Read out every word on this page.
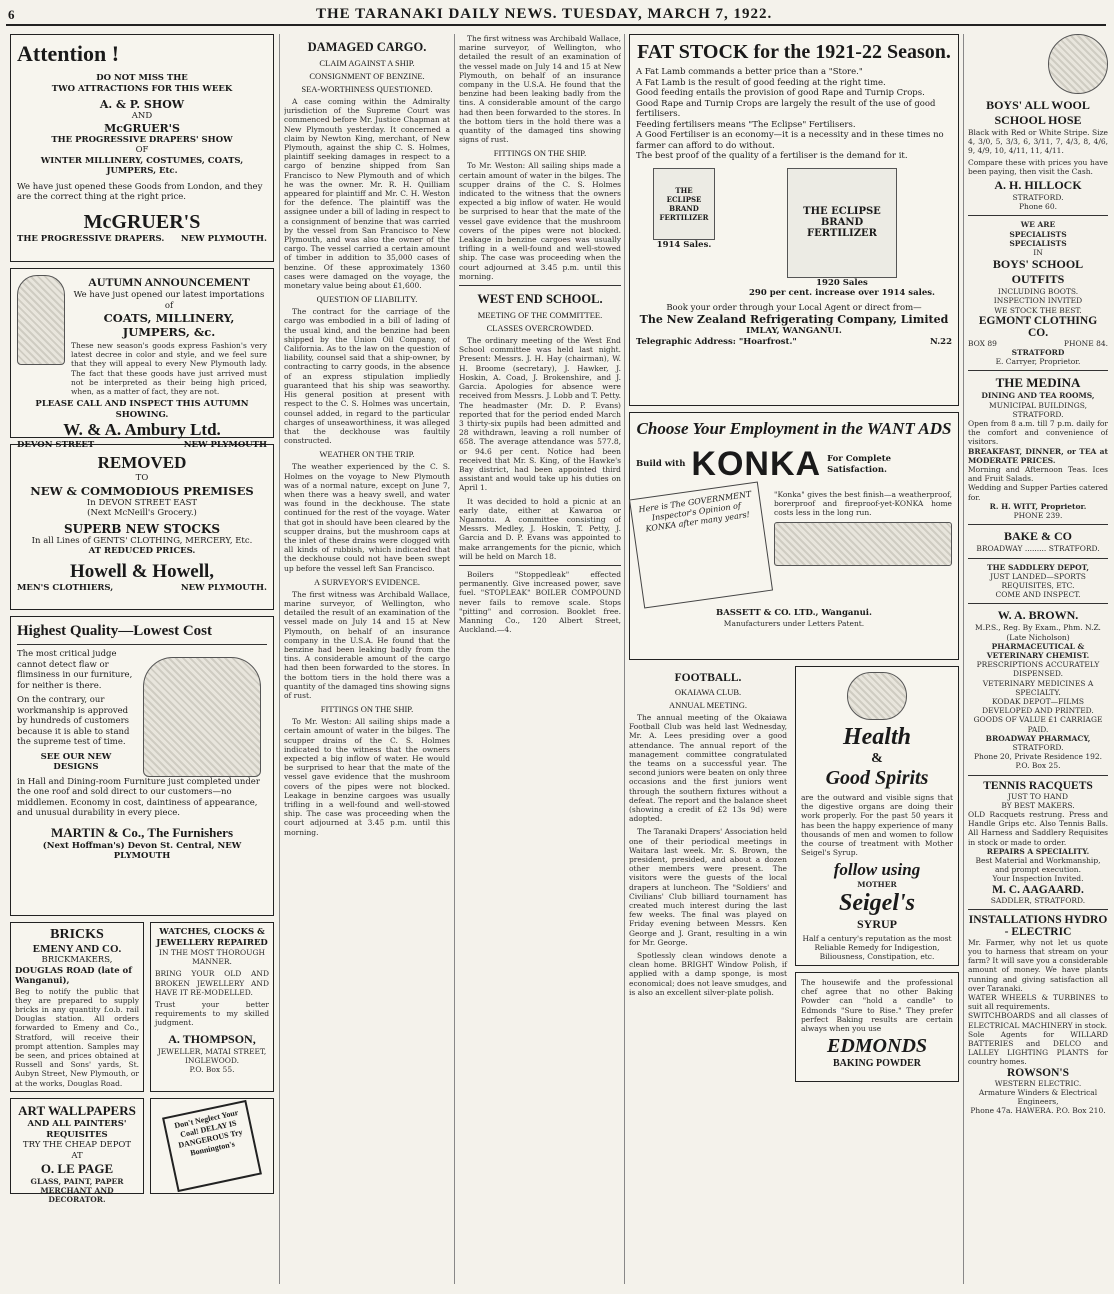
6	THE TARANAKI DAILY NEWS. TUESDAY, MARCH 7, 1922.
Attention !
DO NOT MISS THE
TWO ATTRACTIONS FOR THIS WEEK
A. & P. SHOW
AND
McGRUER'S
THE PROGRESSIVE DRAPERS' SHOW
OF
WINTER MILLINERY, COSTUMES, COATS, JUMPERS, Etc.
We have just opened these Goods from London, and they are the correct thing at the right price.
McGRUER'S
THE PROGRESSIVE DRAPERS. NEW PLYMOUTH.
AUTUMN ANNOUNCEMENT
We have just opened our latest importations of
COATS, MILLINERY, JUMPERS, &c.
These new season's goods express Fashion's very latest decree in color and style, and we feel sure that they will appeal to every New Plymouth lady. The fact that these goods have just arrived must not be interpreted as their being high priced, when, as a matter of fact, they are not.
PLEASE CALL AND INSPECT THIS AUTUMN SHOWING.
W. & A. Ambury Ltd.
DEVON STREET	NEW PLYMOUTH
REMOVED
TO
NEW & COMMODIOUS PREMISES
In DEVON STREET EAST
(Next McNeill's Grocery.)
SUPERB NEW STOCKS
In all Lines of GENTS' CLOTHING, MERCERY, Etc.
AT REDUCED PRICES.
Howell & Howell,
MEN'S CLOTHIERS,	NEW PLYMOUTH.
Highest Quality—Lowest Cost
The most critical judge cannot detect flaw or flimsiness in our furniture, for neither is there.
On the contrary, our workmanship is approved by hundreds of customers because it is able to stand the supreme test of time.
SEE OUR NEW DESIGNS
in Hall and Dining-room Furniture just completed under the one roof and sold direct to our customers—no middlemen. Economy in cost, daintiness of appearance, and unusual durability in every piece.
MARTIN & Co., The Furnishers
(Next Hoffman's) Devon St. Central, NEW PLYMOUTH
BRICKS
EMENY AND CO.
BRICKMAKERS,
DOUGLAS ROAD (late of Wanganui),
Beg to notify the public that they are prepared to supply bricks in any quantity f.o.b. rail Douglas station. All orders forwarded to Emeny and Co., Stratford, will receive their prompt attention. Samples may be seen, and prices obtained at Russell and Sons' yards, St. Aubyn Street, New Plymouth, or at the works, Douglas Road.
ART WALLPAPERS
AND ALL PAINTERS' REQUISITES
TRY THE CHEAP DEPOT
AT
O. LE PAGE
GLASS, PAINT, PAPER MERCHANT AND DECORATOR.
WATCHES, CLOCKS & JEWELLERY REPAIRED
IN THE MOST THOROUGH MANNER.
BRING YOUR OLD AND BROKEN JEWELLERY AND HAVE IT RE-MODELLED.
Trust your better requirements to my skilled judgment.
A. THOMPSON,
JEWELLER, MATAI STREET,
INGLEWOOD.
P.O. Box 55.
Don't Neglect Your Coal! DELAY IS DANGEROUS Try Bonnington's
DAMAGED CARGO.
CLAIM AGAINST A SHIP.
CONSIGNMENT OF BENZINE.
SEA-WORTHINESS QUESTIONED.
A case coming within the Admiralty jurisdiction of the Supreme Court was commenced before Mr. Justice Chapman at New Plymouth yesterday. It concerned a claim by Newton King, merchant, of New Plymouth, against the ship C. S. Holmes, plaintiff seeking damages in respect to a cargo of benzine shipped from San Francisco to New Plymouth and of which he was the owner. Mr. R. H. Quilliam appeared for plaintiff and Mr. C. H. Weston for the defence. The plaintiff was the assignee under a bill of lading in respect to a consignment of benzine that was carried by the vessel from San Francisco to New Plymouth, and was also the owner of the cargo. The vessel carried a certain amount of timber in addition to 35,000 cases of benzine. Of these approximately 1360 cases were damaged on the voyage, the monetary value being about £1,600.
QUESTION OF LIABILITY.
The contract for the carriage of the cargo was embodied in a bill of lading of the usual kind, and the benzine had been shipped by the Union Oil Company, of California. As to the law on the question of liability, counsel said that a ship-owner, by contracting to carry goods, in the absence of an express stipulation impliedly guaranteed that his ship was seaworthy. His general position at present with respect to the C. S. Holmes was uncertain, counsel added, in regard to the particular charges of unseaworthiness, it was alleged that the deckhouse was faultily constructed.
WEATHER ON THE TRIP.
The weather experienced by the C. S. Holmes on the voyage to New Plymouth was of a normal nature, except on June 7, when there was a heavy swell, and water was found in the deckhouse. The state continued for the rest of the voyage. Water that got in should have been cleared by the scupper drains, but the mushroom caps at the inlet of these drains were clogged with all kinds of rubbish, which indicated that the deckhouse could not have been swept up before the vessel left San Francisco.
A SURVEYOR'S EVIDENCE.
The first witness was Archibald Wallace, marine surveyor, of Wellington, who detailed the result of an examination of the vessel made on July 14 and 15 at New Plymouth, on behalf of an insurance company in the U.S.A. He found that the benzine had been leaking badly from the tins. A considerable amount of the cargo had then been forwarded to the stores. In the bottom tiers in the hold there was a quantity of the damaged tins showing signs of rust.
FITTINGS ON THE SHIP.
To Mr. Weston: All sailing ships made a certain amount of water in the bilges. The scupper drains of the C. S. Holmes indicated to the witness that the owners expected a big inflow of water. He would be surprised to hear that the mate of the vessel gave evidence that the mushroom covers of the pipes were not blocked. Leakage in benzine cargoes was usually trifling in a well-found and well-stowed ship. The case was proceeding when the court adjourned at 3.45 p.m. until this morning.
The first witness was Archibald Wallace, marine surveyor, of Wellington, who detailed the result of an examination of the vessel made on July 14 and 15 at New Plymouth, on behalf of an insurance company in the U.S.A. He found that the benzine had been leaking badly from the tins. A considerable amount of the cargo had then been forwarded to the stores. In the bottom tiers in the hold there was a quantity of the damaged tins showing signs of rust.
FITTINGS ON THE SHIP.
To Mr. Weston: All sailing ships made a certain amount of water in the bilges. The scupper drains of the C. S. Holmes indicated to the witness that the owners expected a big inflow of water. He would be surprised to hear that the mate of the vessel gave evidence that the mushroom covers of the pipes were not blocked. Leakage in benzine cargoes was usually trifling in a well-found and well-stowed ship. The case was proceeding when the court adjourned at 3.45 p.m. until this morning.
WEST END SCHOOL.
MEETING OF THE COMMITTEE.
CLASSES OVERCROWDED.
The ordinary meeting of the West End School committee was held last night. Present: Messrs. J. H. Hay (chairman), W. H. Broome (secretary), J. Hawker, J. Hoskin, A. Coad, J. Brokenshire, and J. Garcia. Apologies for absence were received from Messrs. J. Lobb and T. Petty. The headmaster (Mr. D. P. Evans) reported that for the period ended March 3 thirty-six pupils had been admitted and 28 withdrawn, leaving a roll number of 658. The average attendance was 577.8, or 94.6 per cent. Notice had been received that Mr. S. King, of the Hawke's Bay district, had been appointed third assistant and would take up his duties on April 1.
It was decided to hold a picnic at an early date, either at Kawaroa or Ngamotu. A committee consisting of Messrs. Medley, J. Hoskin, T. Petty, J. Garcia and D. P. Evans was appointed to make arrangements for the picnic, which will be held on March 18.
Boilers "Stoppedleak" effected permanently. Give increased power, save fuel. "STOPLEAK" BOILER COMPOUND never fails to remove scale. Stops "pitting" and corrosion. Booklet free. Manning Co., 120 Albert Street, Auckland.—4.
FAT STOCK for the 1921-22 Season.
A Fat Lamb commands a better price than a "Store."
A Fat Lamb is the result of good feeding at the right time.
Good feeding entails the provision of good Rape and Turnip Crops.
Good Rape and Turnip Crops are largely the result of the use of good fertilisers.
Feeding fertilisers means "The Eclipse" Fertilisers.
A Good Fertiliser is an economy—it is a necessity and in these times no farmer can afford to do without.
The best proof of the quality of a fertiliser is the demand for it.
THE ECLIPSE BRAND FERTILIZER
1914 Sales.
THE ECLIPSE BRAND FERTILIZER
1920 Sales
290 per cent. increase over 1914 sales.
Book your order through your Local Agent or direct from—
The New Zealand Refrigerating Company, Limited
IMLAY, WANGANUI.
Telegraphic Address: "Hoarfrost."	N.22
Choose Your Employment in the WANT ADS
Build with KONKA For Complete Satisfaction.
Here is The GOVERNMENT Inspector's Opinion of KONKA after many years!
"Konka" gives the best finish—a weatherproof, borerproof and fireproof-yet-KONKA home costs less in the long run.
BASSETT & CO. LTD., Wanganui.
Manufacturers under Letters Patent.
FOOTBALL.
OKAIAWA CLUB.
ANNUAL MEETING.
The annual meeting of the Okaiawa Football Club was held last Wednesday, Mr. A. Lees presiding over a good attendance. The annual report of the management committee congratulated the teams on a successful year. The second juniors were beaten on only three occasions and the first juniors went through the southern fixtures without a defeat. The report and the balance sheet (showing a credit of £2 13s 9d) were adopted.
The Taranaki Drapers' Association held one of their periodical meetings in Waitara last week. Mr. S. Brown, the president, presided, and about a dozen other members were present. The visitors were the guests of the local drapers at luncheon. The "Soldiers' and Civilians' Club billiard tournament has created much interest during the last few weeks. The final was played on Friday evening between Messrs. Ken George and J. Grant, resulting in a win for Mr. George.
Spotlessly clean windows denote a clean home. BRIGHT Window Polish, if applied with a damp sponge, is most economical; does not leave smudges, and is also an excellent silver-plate polish.
Health
&
Good Spirits
are the outward and visible signs that the digestive organs are doing their work properly. For the past 50 years it has been the happy experience of many thousands of men and women to follow the course of treatment with Mother Seigel's Syrup.
follow using
MOTHER
Seigel's
SYRUP
Half a century's reputation as the most Reliable Remedy for Indigestion, Biliousness, Constipation, etc.
The housewife and the professional chef agree that no other Baking Powder can "hold a candle" to Edmonds "Sure to Rise." They prefer perfect Baking results are certain always when you use
EDMONDS
BAKING POWDER
BOYS' ALL WOOL
SCHOOL HOSE
Black with Red or White Stripe. Size 4, 3/0, 5, 3/3, 6, 3/11, 7, 4/3, 8, 4/6, 9, 4/9, 10, 4/11, 11, 4/11.
Compare these with prices you have been paying, then visit the Cash.
A. H. HILLOCK
STRATFORD.
Phone 60.
WE ARE
SPECIALISTS
SPECIALISTS
IN
BOYS' SCHOOL OUTFITS
INCLUDING BOOTS.
INSPECTION INVITED
WE STOCK THE BEST.
EGMONT CLOTHING CO.
BOX 89	PHONE 84.
STRATFORD
E. Carryer, Proprietor.
THE MEDINA
DINING AND TEA ROOMS,
MUNICIPAL BUILDINGS,
STRATFORD.
Open from 8 a.m. till 7 p.m. daily for the comfort and convenience of visitors.
BREAKFAST, DINNER, or TEA at MODERATE PRICES.
Morning and Afternoon Teas. Ices and Fruit Salads.
Wedding and Supper Parties catered for.
R. H. WITT, Proprietor.
PHONE 239.
BAKE & CO
BROADWAY ......... STRATFORD.
THE SADDLERY DEPOT,
JUST LANDED—SPORTS REQUISITES, ETC.
COME AND INSPECT.
W. A. BROWN.
M.P.S., Reg. By Exam., Phm. N.Z. (Late Nicholson)
PHARMACEUTICAL & VETERINARY CHEMIST.
PRESCRIPTIONS ACCURATELY DISPENSED.
VETERINARY MEDICINES A SPECIALTY.
KODAK DEPOT—FILMS DEVELOPED AND PRINTED.
GOODS OF VALUE £1 CARRIAGE PAID.
BROADWAY PHARMACY,
STRATFORD.
Phone 20, Private Residence 192. P.O. Box 25.
TENNIS RACQUETS
JUST TO HAND
BY BEST MAKERS.
OLD Racquets restrung. Press and Handle Grips etc. Also Tennis Balls. All Harness and Saddlery Requisites in stock or made to order.
REPAIRS A SPECIALITY.
Best Material and Workmanship, and prompt execution.
Your Inspection Invited.
M. C. AAGAARD.
SADDLER, STRATFORD.
INSTALLATIONS HYDRO - ELECTRIC
Mr. Farmer, why not let us quote you to harness that stream on your farm? It will save you a considerable amount of money. We have plants running and giving satisfaction all over Taranaki.
WATER WHEELS & TURBINES to suit all requirements.
SWITCHBOARDS and all classes of ELECTRICAL MACHINERY in stock.
Sole Agents for WILLARD BATTERIES and DELCO and LALLEY LIGHTING PLANTS for country homes.
ROWSON'S
WESTERN ELECTRIC.
Armature Winders & Electrical Engineers,
Phone 47a. HAWERA. P.O. Box 210.
